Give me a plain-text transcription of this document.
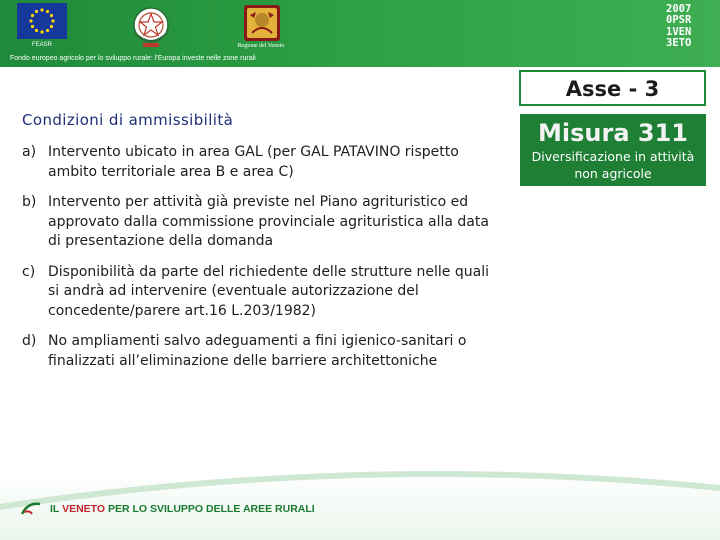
FEASR	Regione del Veneto
2007
0PSR
1VEN
3ETO
Fondo europeo agricolo per lo sviluppo rurale: l'Europa investe nelle zone rurali
Asse - 3
Misura 311
Diversificazione in attività non agricole
Condizioni di ammissibilità
a) Intervento ubicato in area GAL (per GAL PATAVINO rispetto ambito territoriale area B e area C)
b) Intervento per attività già previste nel Piano agrituristico ed approvato dalla commissione provinciale agrituristica alla data di presentazione della domanda
c) Disponibilità da parte del richiedente delle strutture nelle quali si andrà ad intervenire (eventuale autorizzazione del concedente/parere art.16 L.203/1982)
d) No ampliamenti salvo adeguamenti a fini igienico-sanitari o finalizzati all’eliminazione delle barriere architettoniche
IL VENETO PER LO SVILUPPO DELLE AREE RURALI
